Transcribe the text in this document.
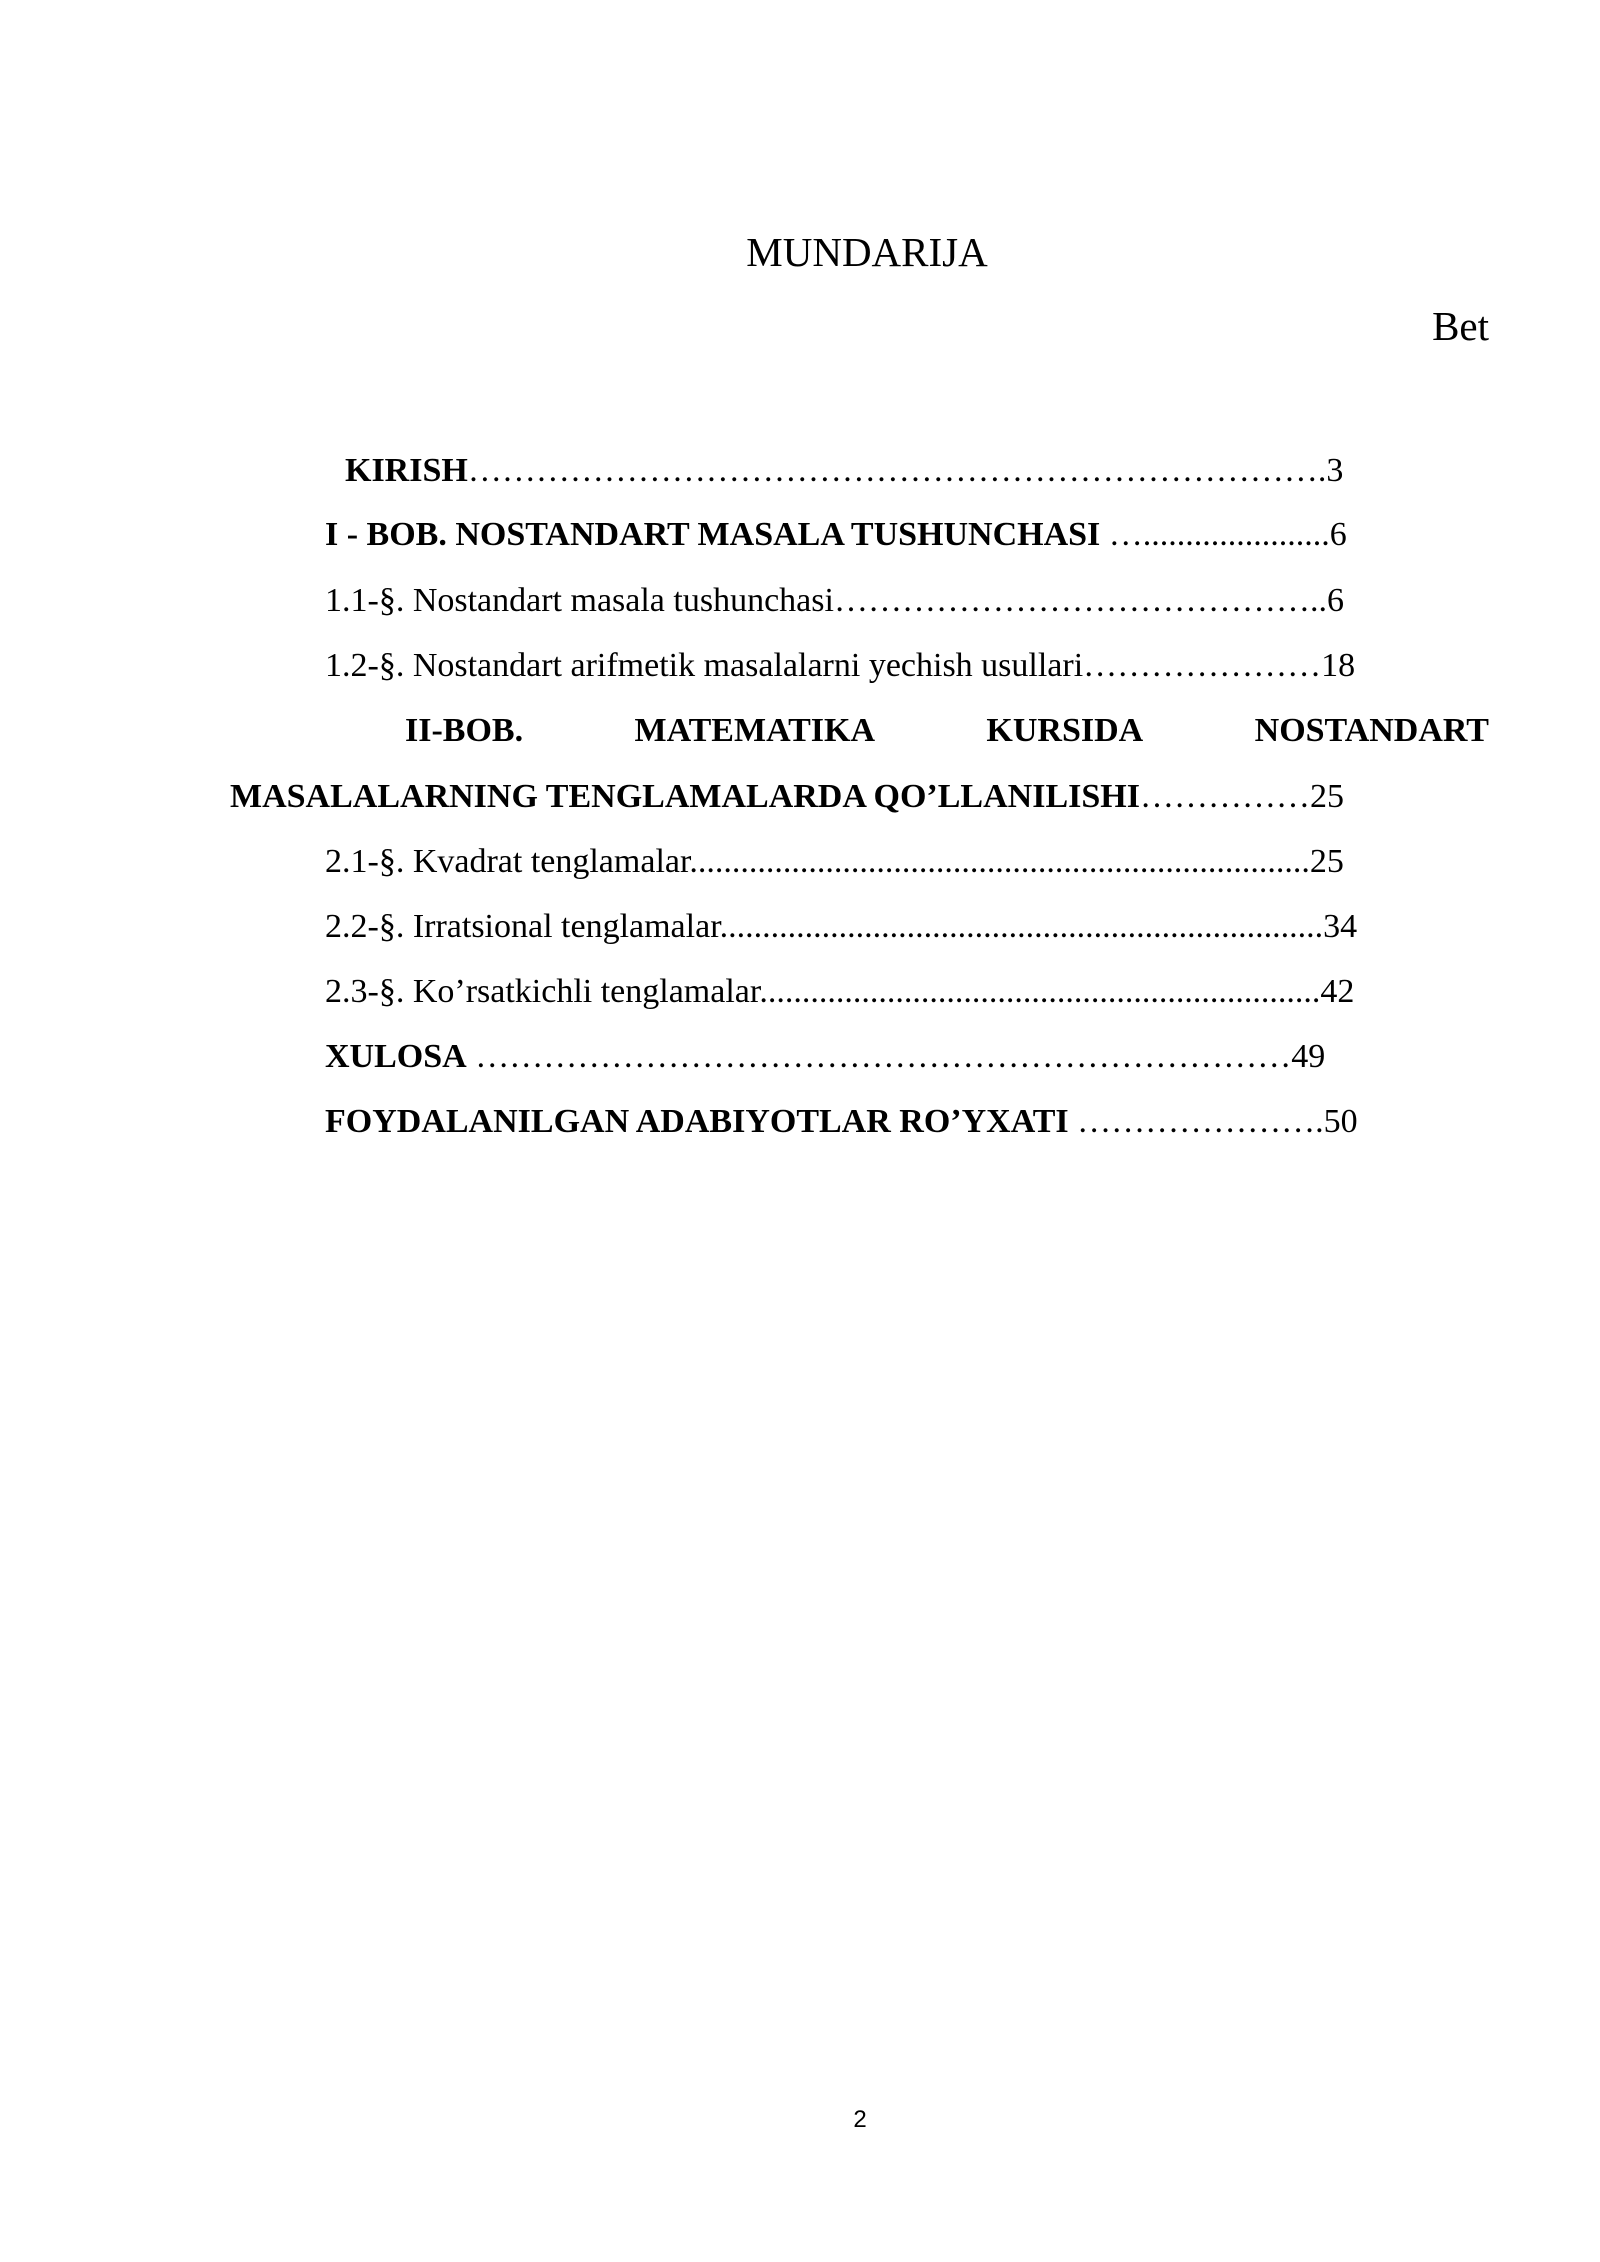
MUNDARIJA
Bet
KIRISH………………………………………………………………….3
I - BOB. NOSTANDART MASALA TUSHUNCHASI …......................6
1.1-§. Nostandart masala tushunchasi……………………………………..6
1.2-§. Nostandart arifmetik masalalarni yechish usullari…………………18
II-BOB.	MATEMATIKA	KURSIDA	NOSTANDART
MASALALARNING TENGLAMALARDA QO’LLANILISHI……………25
2.1-§. Kvadrat tenglamalar.........................................................................25
2.2-§. Irratsional tenglamalar.......................................................................34
2.3-§. Ko’rsatkichli tenglamalar..................................................................42
XULOSA ………………………………………………………………49
FOYDALANILGAN ADABIYOTLAR RO’YXATI ………………….50
2
